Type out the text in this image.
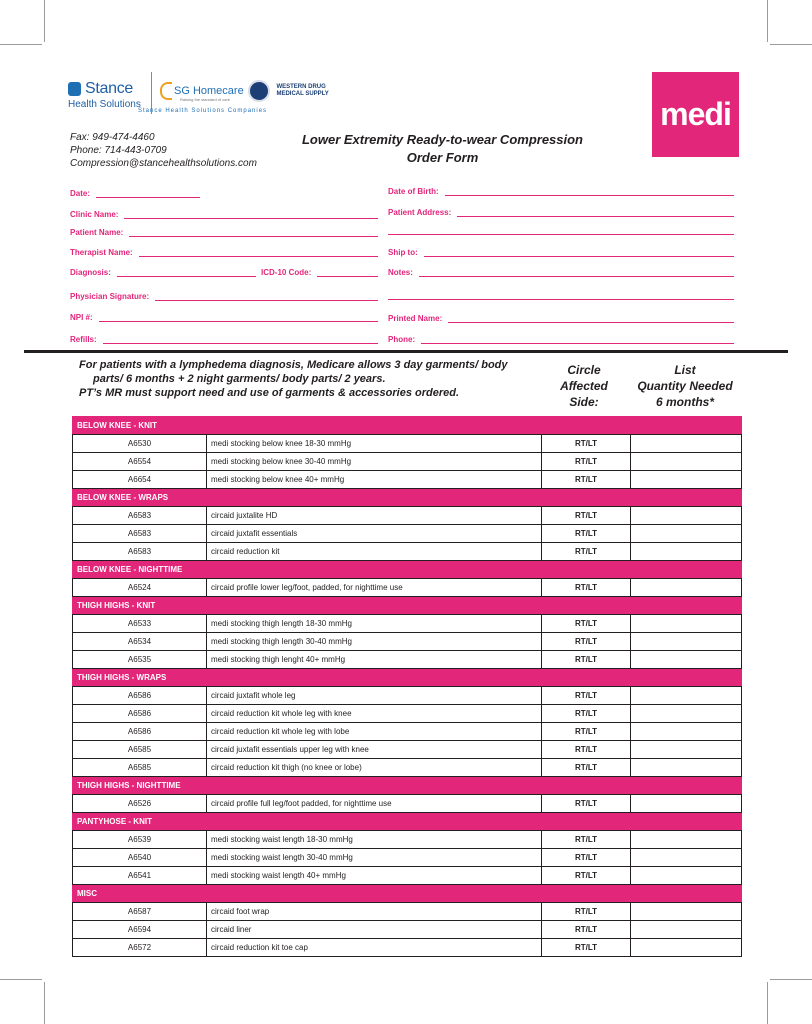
Stance
Health Solutions
SG Homecare
Raising the standard of care
WESTERN DRUG
MEDICAL SUPPLY
Stance Health Solutions Companies	medi
Fax: 949-474-4460
Phone: 714-443-0709
Compression@stancehealthsolutions.com
Lower Extremity Ready-to-wear Compression
Order Form
Date:
Clinic Name:
Patient Name:
Therapist Name:
Diagnosis:	ICD-10 Code:
Physician Signature:
NPI #:
Refills:
Date of Birth:
Patient Address:
Ship to:
Notes:
Printed Name:
Phone:
For patients with a lymphedema diagnosis, Medicare allows 3 day garments/ body
parts/ 6 months + 2 night garments/ body parts/ 2 years.
PT’s MR must support need and use of garments & accessories ordered.
Circle
Affected
Side:
List
Quantity Needed
6 months*
BELOW KNEE - KNIT			
A6530	medi stocking below knee 18-30 mmHg	RT/LT	
A6554	medi stocking below knee 30-40 mmHg	RT/LT	
A6654	medi stocking below knee 40+ mmHg	RT/LT	
BELOW KNEE - WRAPS			
A6583	circaid juxtalite HD	RT/LT	
A6583	circaid juxtafit essentials	RT/LT	
A6583	circaid reduction kit	RT/LT	
BELOW KNEE - NIGHTTIME			
A6524	circaid profile lower leg/foot, padded, for nighttime use	RT/LT	
THIGH HIGHS - KNIT			
A6533	medi stocking thigh length 18-30 mmHg	RT/LT	
A6534	medi stocking thigh length 30-40 mmHg	RT/LT	
A6535	medi stocking thigh lenght 40+ mmHg	RT/LT	
THIGH HIGHS - WRAPS			
A6586	circaid juxtafit whole leg	RT/LT	
A6586	circaid reduction kit whole leg with knee	RT/LT	
A6586	circaid reduction kit whole leg with lobe	RT/LT	
A6585	circaid juxtafit essentials upper leg with knee	RT/LT	
A6585	circaid reduction kit thigh (no knee or lobe)	RT/LT	
THIGH HIGHS - NIGHTTIME			
A6526	circaid profile full leg/foot padded, for nighttime use	RT/LT	
PANTYHOSE - KNIT			
A6539	medi stocking waist length 18-30 mmHg	RT/LT	
A6540	medi stocking waist length 30-40 mmHg	RT/LT	
A6541	medi stocking waist length 40+ mmHg	RT/LT	
MISC			
A6587	circaid foot wrap	RT/LT	
A6594	circaid liner	RT/LT	
A6572	circaid reduction kit toe cap	RT/LT	
